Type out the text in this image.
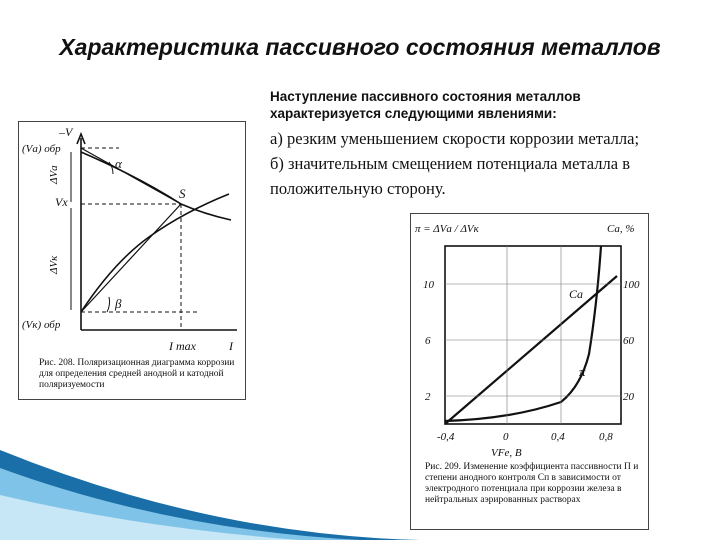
Характеристика пассивного состояния металлов
Наступление пассивного состояния металлов
характеризуется следующими явлениями:
а) резким уменьшением скорости коррозии металла;
б) значительным смещением потенциала металла в
положительную сторону.
–V
(Vа) обр
ΔVа
Vх
ΔVк
(Vк) обр
α
β
S
I max	I
Рис. 208. Поляризационная диаграмма коррозии для определения средней анодной и катодной поляризуемости
π = ΔVа / ΔVк	Cа, %
10
6
2
100
60
20
-0,4	0	0,4	0,8
VFe, В
Cа
π
Рис. 209. Изменение коэффициента пассивности П и степени анодного контроля Cп в зависимости от электродного потенциала при коррозии железа в нейтральных аэрированных растворах
